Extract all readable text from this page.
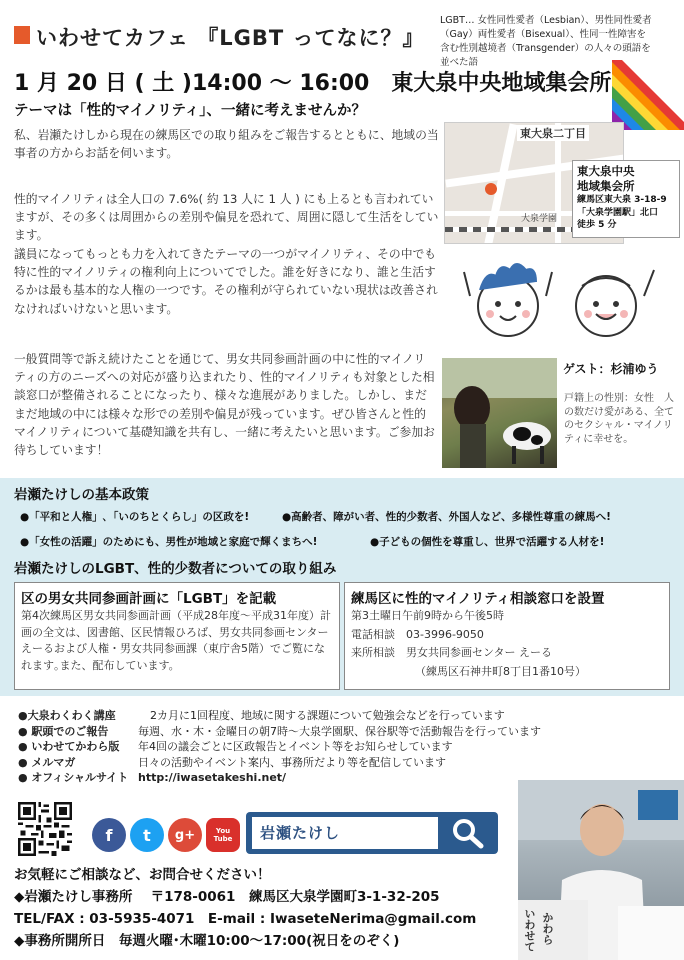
いわせてカフェ 『LGBT ってなに？』
LGBT… 女性同性愛者（Lesbian）、男性同性愛者（Gay）両性愛者（Bisexual）、性同一性障害を含む性別越境者（Transgender）の人々の頭語を並べた語
1 月 20 日 ( 土 )14:00 ～ 16:00　東大泉中央地域集会所
テーマは「性的マイノリティ」、一緒に考えませんか？
私、岩瀬たけしから現在の練馬区での取り組みをご報告するとともに、地域の当事者の方からお話を伺います。
性的マイノリティは全人口の 7.6%( 約 13 人に 1 人 ) にも上るとも言われていますが、その多くは周囲からの差別や偏見を恐れて、周囲に隠して生活をしています。
議員になってもっとも力を入れてきたテーマの一つがマイノリティ、その中でも特に性的マイノリティの権利向上についてでした。誰を好きになり、誰と生活するかは最も基本的な人権の一つです。その権利が守られていない現状は改善されなければいけないと思います。
一般質問等で訴え続けたことを通じて、男女共同参画計画の中に性的マイノリティの方のニーズへの対応が盛り込まれたり、性的マイノリティも対象とした相談窓口が整備されることになったり、様々な進展がありました。しかし、まだまだ地域の中には様々な形での差別や偏見が残っています。ぜひ皆さんと性的マイノリティについて基礎知識を共有し、一緒に考えたいと思います。ご参加お待ちしています！
東大泉二丁目
大泉学園
東大泉中央
地域集会所
練馬区東大泉 3-18-9
「大泉学園駅」北口
徒歩 5 分
ゲスト：杉浦ゆう
戸籍上の性別：女性　人の数だけ愛がある、全てのセクシャル・マイノリティに幸せを。
岩瀬たけしの基本政策
●「平和と人権」､「いのちとくらし」の区政を!	●高齢者、障がい者、性的少数者、外国人など、多様性尊重の練馬へ!
●「女性の活躍」のためにも、男性が地域と家庭で輝くまちへ!	●子どもの個性を尊重し、世界で活躍する人材を!
岩瀬たけしのLGBT、性的少数者についての取り組み
区の男女共同参画計画に「LGBT」を記載
第4次練馬区男女共同参画計画（平成28年度～平成31年度）計画の全文は、図書館、区民情報ひろば、男女共同参画センターえーるおよび人権・男女共同参画課（東庁舎5階）でご覧になれます｡また、配布しています。
練馬区に性的マイノリティ相談窓口を設置
第3土曜日午前9時から午後5時
電話相談　03-3996-9050
来所相談　男女共同参画センター えーる
（練馬区石神井町8丁目1番10号）
●大泉わくわく講座	2カ月に1回程度、地域に関する課題について勉強会などを行っています
● 駅頭でのご報告	毎週、水・木・金曜日の朝7時～大泉学園駅、保谷駅等で活動報告を行っています
● いわせてかわら版	年4回の議会ごとに区政報告とイベント等をお知らせしています
● メルマガ	日々の活動やイベント案内、事務所だより等を配信しています
● オフィシャルサイト http://iwasetakeshi.net/
f	t	g+	You Tube	岩瀬たけし
いわせて かわら
お気軽にご相談など、お問合せください！
◆岩瀬たけし事務所　 〒178-0061　練馬区大泉学園町3-1-32-205
TEL/FAX : 03-5935-4071　E-mail : IwaseteNerima@gmail.com
◆事務所開所日　毎週火曜･木曜10:00～17:00(祝日をのぞく)
